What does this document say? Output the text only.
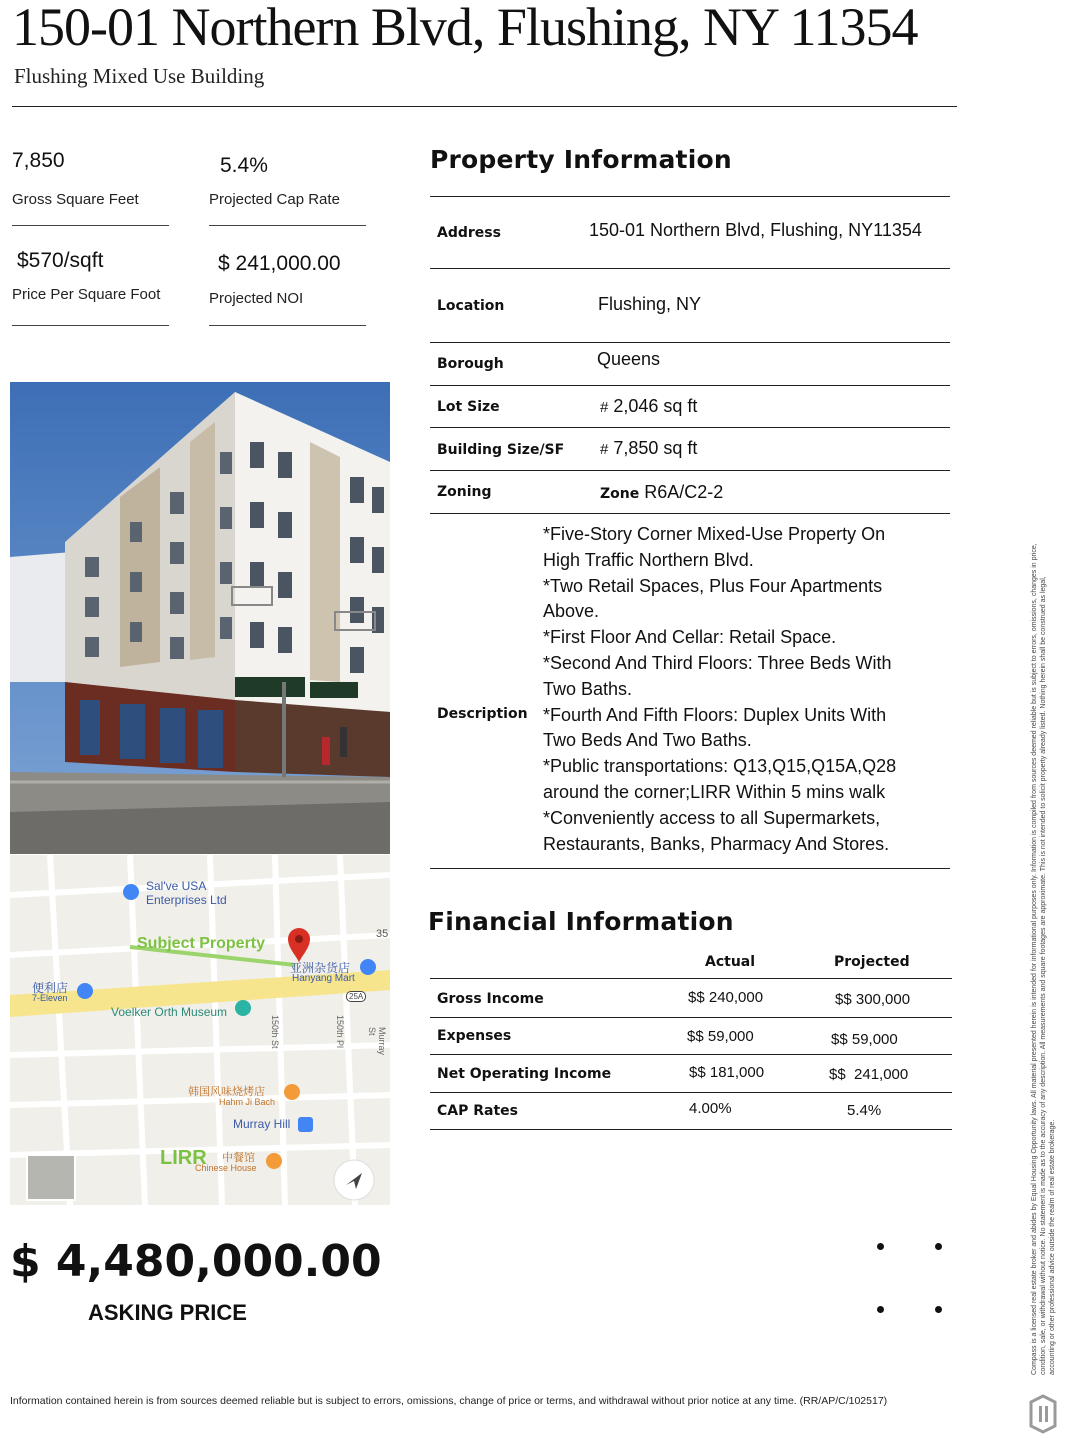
150-01 Northern Blvd, Flushing, NY 11354
Flushing Mixed Use Building
7,850
Gross Square Feet
5.4%
Projected Cap Rate
$570/sqft
Price Per Square Foot
$ 241,000.00
Projected NOI
Sal've USA
Enterprises Ltd
Subject Property
亚洲杂货店
Hanyang Mart
便利店
7-Eleven
Voelker Orth Museum
韩国风味烧烤店
Hahm Ji Bach
Murray Hill
LIRR 中餐馆
Chinese House
150th St	150th Pl	Murray St
25A
35
Property Information
Address	150-01 Northern Blvd, Flushing, NY11354
Location	Flushing, NY
Borough	Queens
Lot Size	# 2,046 sq ft
Building Size/SF # 7,850 sq ft
Zoning	Zone R6A/C2-2
Description
*Five-Story Corner Mixed-Use Property On
High Traffic Northern Blvd.
*Two Retail Spaces, Plus Four Apartments
Above.
*First Floor And Cellar: Retail Space.
*Second And Third Floors: Three Beds With
Two Baths.
*Fourth And Fifth Floors: Duplex Units With
Two Beds And Two Baths.
*Public transportations: Q13,Q15,Q15A,Q28
around the corner;LIRR Within 5 mins walk
*Conveniently access to all Supermarkets,
Restaurants, Banks, Pharmacy And Stores.
Financial Information
Actual	Projected
Gross Income	$$ 240,000	$$ 300,000
Expenses	$$ 59,000	$$ 59,000
Net Operating Income	$$ 181,000	$$  241,000
CAP Rates	4.00%	5.4%
$ 4,480,000.00
ASKING PRICE
Information contained herein is from sources deemed reliable but is subject to errors, omissions, change of price or terms, and withdrawal without prior notice at any time. (RR/AP/C/102517)
Compass is a licensed real estate broker and abides by Equal Housing Opportunity laws. All material presented herein is intended for informational purposes only. Information is compiled from sources deemed reliable but is subject to errors, omissions, changes in price, condition, sale, or withdrawal without notice. No statement is made as to the accuracy of any description. All measurements and square footages are approximate. This is not intended to solicit property already listed. Nothing herein shall be construed as legal, accounting or other professional advice outside the realm of real estate brokerage.
